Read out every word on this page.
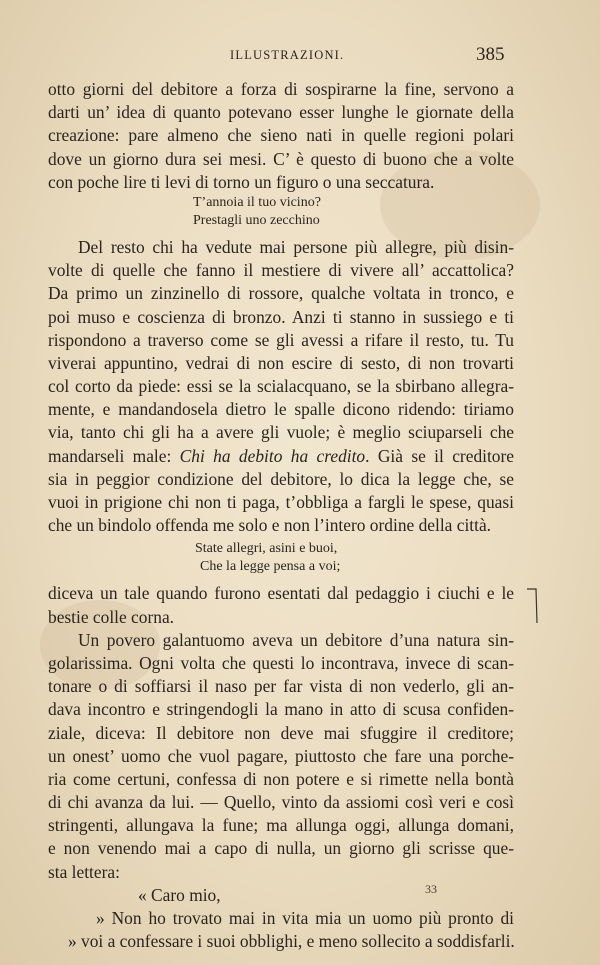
ILLUSTRAZIONI.	385
otto giorni del debitore a forza di sospirarne la fine, servono a
darti un’ idea di quanto potevano esser lunghe le giornate della
creazione: pare almeno che sieno nati in quelle regioni polari
dove un giorno dura sei mesi. C’ è questo di buono che a volte
con poche lire ti levi di torno un figuro o una seccatura.
T’annoia il tuo vicino?
Prestagli uno zecchino
Del resto chi ha vedute mai persone più allegre, più disin-
volte di quelle che fanno il mestiere di vivere all’ accattolica?
Da primo un zinzinello di rossore, qualche voltata in tronco, e
poi muso e coscienza di bronzo. Anzi ti stanno in sussiego e ti
rispondono a traverso come se gli avessi a rifare il resto, tu. Tu
viverai appuntino, vedrai di non escire di sesto, di non trovarti
col corto da piede: essi se la scialacquano, se la sbirbano allegra-
mente, e mandandosela dietro le spalle dicono ridendo: tiriamo
via, tanto chi gli ha a avere gli vuole; è meglio sciuparseli che
mandarseli male: Chi ha debito ha credito. Già se il creditore
sia in peggior condizione del debitore, lo dica la legge che, se
vuoi in prigione chi non ti paga, t’obbliga a fargli le spese, quasi
che un bindolo offenda me solo e non l’intero ordine della città.
State allegri, asini e buoi,
Che la legge pensa a voi;
diceva un tale quando furono esentati dal pedaggio i ciuchi e le
bestie colle corna.
Un povero galantuomo aveva un debitore d’una natura sin-
golarissima. Ogni volta che questi lo incontrava, invece di scan-
tonare o di soffiarsi il naso per far vista di non vederlo, gli an-
dava incontro e stringendogli la mano in atto di scusa confiden-
ziale, diceva: Il debitore non deve mai sfuggire il creditore;
un onest’ uomo che vuol pagare, piuttosto che fare una porche-
ria come certuni, confessa di non potere e si rimette nella bontà
di chi avanza da lui. — Quello, vinto da assiomi così veri e così
stringenti, allungava la fune; ma allunga oggi, allunga domani,
e non venendo mai a capo di nulla, un giorno gli scrisse que-
sta lettera:
« Caro mio,
» Non ho trovato mai in vita mia un uomo più pronto di
» voi a confessare i suoi obblighi, e meno sollecito a soddisfarli.
33
